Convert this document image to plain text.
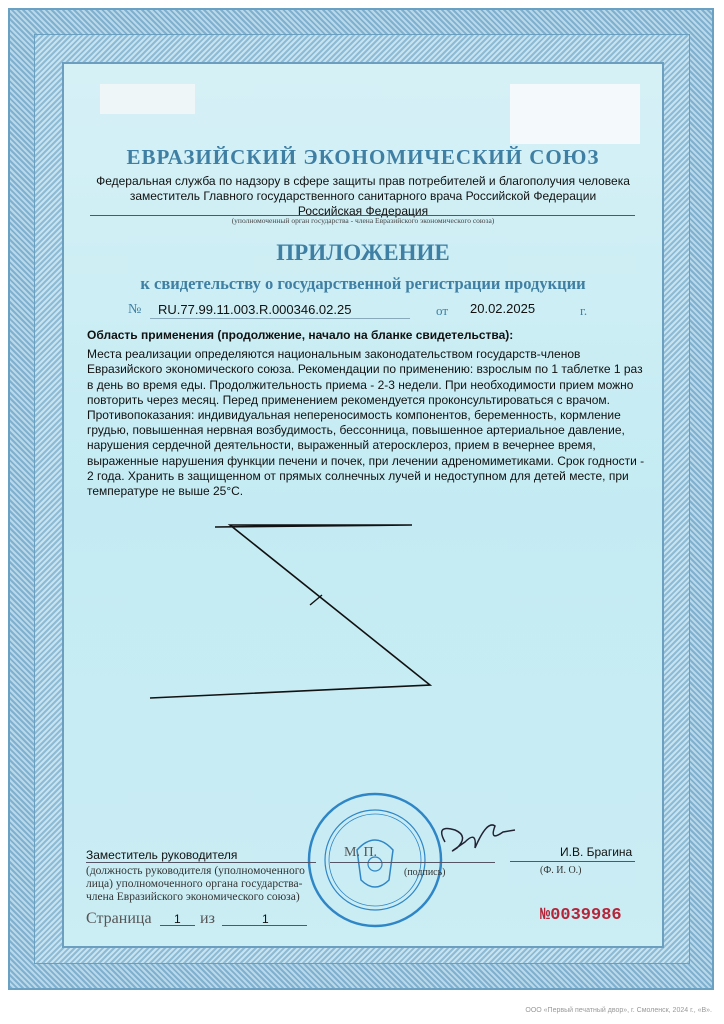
ЕВРАЗИЙСКИЙ ЭКОНОМИЧЕСКИЙ СОЮЗ
Федеральная служба по надзору в сфере защиты прав потребителей и благополучия человека
заместитель Главного государственного санитарного врача Российской Федерации
Российская Федерация
(уполномоченный орган государства - члена Евразийского экономического союза)
ПРИЛОЖЕНИЕ
к свидетельству о государственной регистрации продукции
№ RU.77.99.11.003.R.000346.02.25	от 20.02.2025	г.
Область применения (продолжение, начало на бланке свидетельства):

Места реализации определяются национальным законодательством государств-членов Евразийского экономического союза. Рекомендации по применению: взрослым по 1 таблетке 1 раз в день во время еды. Продолжительность приема - 2-3 недели. При необходимости прием можно повторить через месяц. Перед применением рекомендуется проконсультироваться с врачом. Противопоказания: индивидуальная непереносимость компонентов, беременность, кормление грудью, повышенная нервная возбудимость, бессонница, повышенное артериальное давление, нарушения сердечной деятельности, выраженный атеросклероз, прием в вечернее время, выраженные нарушения функции печени и почек, при лечении адреномиметиками. Срок годности - 2 года. Хранить в защищенном от прямых солнечных лучей и недоступном для детей месте, при температуре не выше 25°С.

Заместитель руководителя	М. П.
(подпись)
И.В. Брагина
(Ф. И. О.)
(должность руководителя (уполномоченного
лица) уполномоченного органа государства-
члена Евразийского экономического союза)
Страница 1 из	1	№0039986
ООО «Первый печатный двор», г. Смоленск, 2024 г., «В».
